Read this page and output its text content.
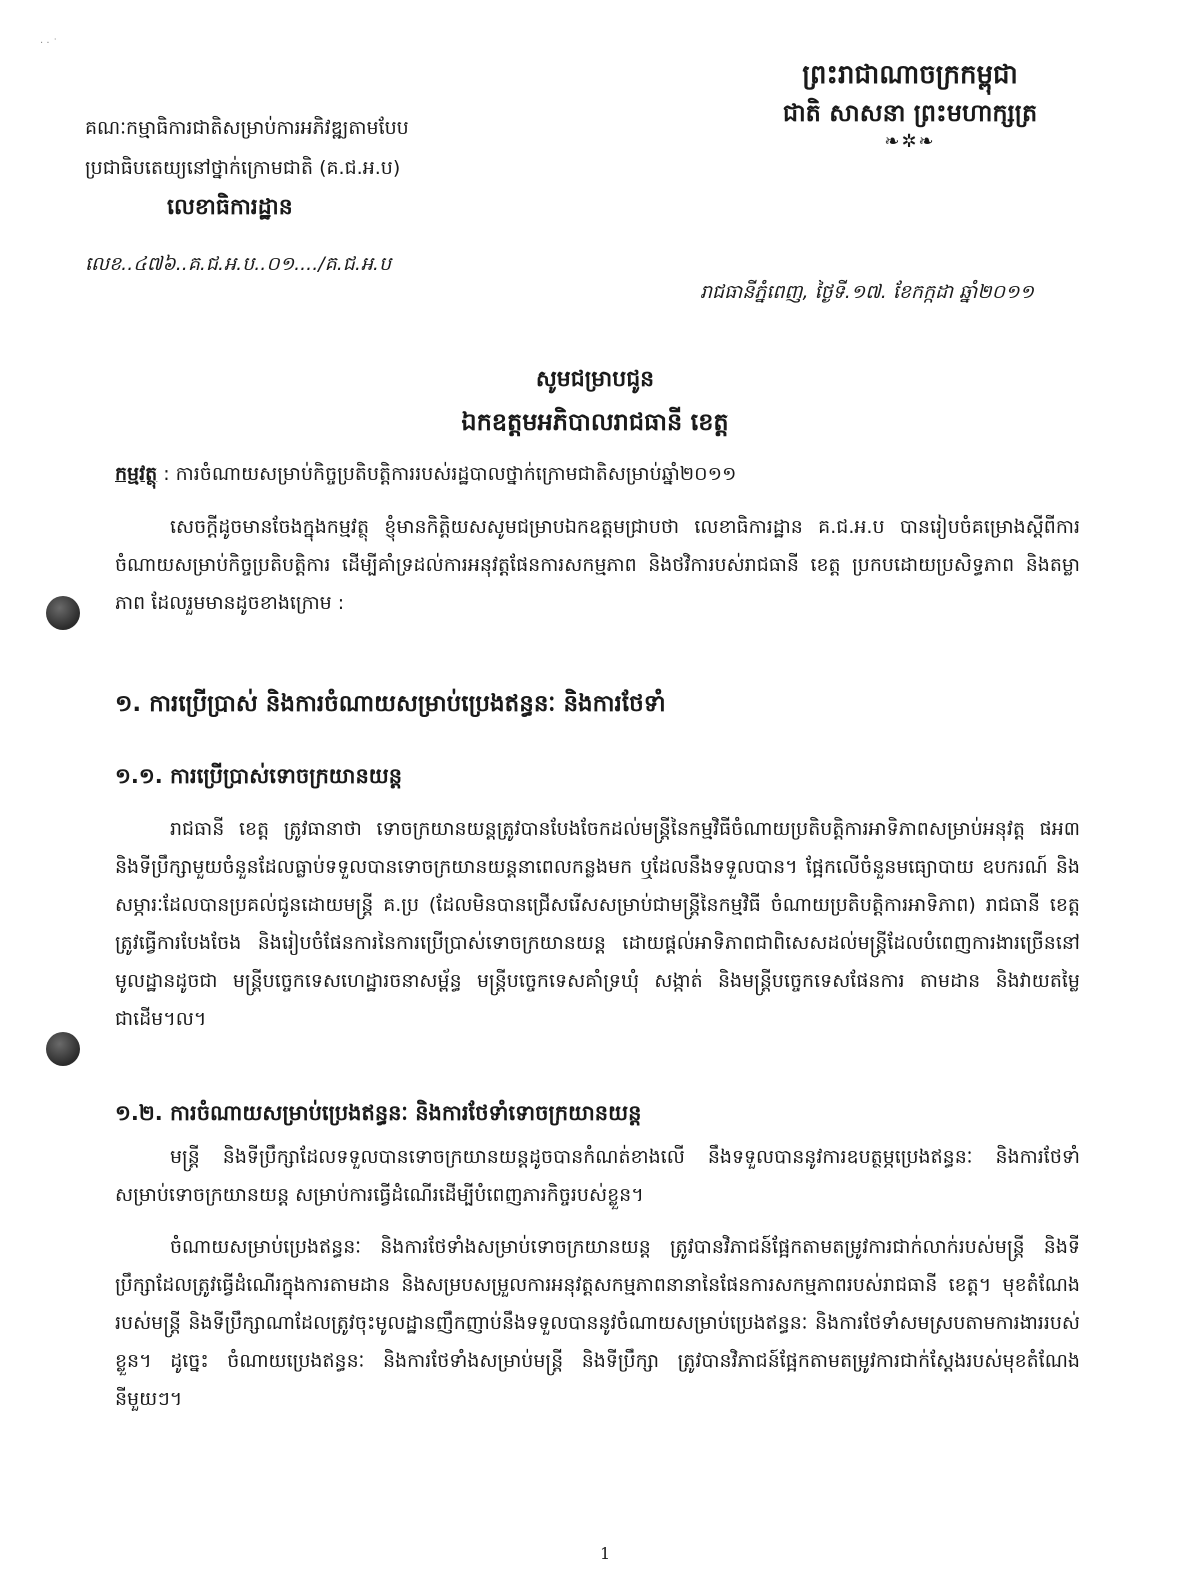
· · ˙
ព្រះរាជាណាចក្រកម្ពុជា
ជាតិ សាសនា ព្រះមហាក្សត្រ
❧✲❧
គណៈកម្មាធិការជាតិសម្រាប់ការអភិវឌ្ឍតាមបែប
ប្រជាធិបតេយ្យនៅថ្នាក់ក្រោមជាតិ (គ.ជ.អ.ប)
លេខាធិការដ្ឋាន
លេខ..៤៧៦..គ.ជ.អ.ប..០១..../គ.ជ.អ.ប
រាជធានីភ្នំពេញ, ថ្ងៃទី.១៧. ខែកក្កដា ឆ្នាំ២០១១
សូមជម្រាបជូន
ឯកឧត្តមអភិបាលរាជធានី ខេត្ត
កម្មវត្ថុ : ការចំណាយសម្រាប់កិច្ចប្រតិបត្តិការរបស់រដ្ឋបាលថ្នាក់ក្រោមជាតិសម្រាប់ឆ្នាំ២០១១
សេចក្តីដូចមានចែងក្នុងកម្មវត្ថុ ខ្ញុំមានកិត្តិយសសូមជម្រាបឯកឧត្តមជ្រាបថា លេខាធិការដ្ឋាន គ.ជ.អ.ប បានរៀបចំគម្រោងស្តីពីការចំណាយសម្រាប់កិច្ចប្រតិបត្តិការ ដើម្បីគាំទ្រដល់ការអនុវត្តផែនការសកម្មភាព និងថវិការបស់រាជធានី ខេត្ត ប្រកបដោយប្រសិទ្ធភាព និងតម្លាភាព ដែលរួមមានដូចខាងក្រោម :
១. ការប្រើប្រាស់ និងការចំណាយសម្រាប់ប្រេងឥន្ធនៈ និងការថែទាំ
១.១. ការប្រើប្រាស់ទោចក្រយានយន្ត
រាជធានី ខេត្ត ត្រូវធានាថា ទោចក្រយានយន្តត្រូវបានបែងចែកដល់មន្ត្រីនៃកម្មវិធីចំណាយប្រតិបត្តិការអាទិភាពសម្រាប់អនុវត្ត ផអ៣ និងទីប្រឹក្សាមួយចំនួនដែលធ្លាប់ទទួលបានទោចក្រយានយន្តនាពេលកន្លងមក ឬដែលនឹងទទួលបាន។ ផ្អែកលើចំនួនមធ្យោបាយ ឧបករណ៍ និងសម្ភារៈដែលបានប្រគល់ជូនដោយមន្ត្រី គ.ប្រ (ដែលមិនបានជ្រើសរើសសម្រាប់ជាមន្ត្រីនៃកម្មវិធី ចំណាយប្រតិបត្តិការអាទិភាព) រាជធានី ខេត្ត ត្រូវធ្វើការបែងចែង និងរៀបចំផែនការនៃការប្រើប្រាស់ទោចក្រយានយន្ត ដោយផ្តល់អាទិភាពជាពិសេសដល់មន្ត្រីដែលបំពេញការងារច្រើននៅមូលដ្ឋានដូចជា មន្ត្រីបច្ចេកទេសហេដ្ឋារចនាសម្ព័ន្ធ មន្ត្រីបច្ចេកទេសគាំទ្រឃុំ សង្កាត់ និងមន្ត្រីបច្ចេកទេសផែនការ តាមដាន និងវាយតម្លៃជាដើម។ល។
១.២. ការចំណាយសម្រាប់ប្រេងឥន្ធនៈ និងការថែទាំទោចក្រយានយន្ត
មន្ត្រី និងទីប្រឹក្សាដែលទទួលបានទោចក្រយានយន្តដូចបានកំណត់ខាងលើ នឹងទទួលបាននូវការឧបត្ថម្ភប្រេងឥន្ធនៈ និងការថែទាំសម្រាប់ទោចក្រយានយន្ត សម្រាប់ការធ្វើដំណើរដើម្បីបំពេញភារកិច្ចរបស់ខ្លួន។
ចំណាយសម្រាប់ប្រេងឥន្ធនៈ និងការថែទាំងសម្រាប់ទោចក្រយានយន្ត ត្រូវបានវិភាជន៍ផ្អែកតាមតម្រូវការជាក់លាក់របស់មន្ត្រី និងទីប្រឹក្សាដែលត្រូវធ្វើដំណើរក្នុងការតាមដាន និងសម្របសម្រួលការអនុវត្តសកម្មភាពនានានៃផែនការសកម្មភាពរបស់រាជធានី ខេត្ត។ មុខតំណែងរបស់មន្ត្រី និងទីប្រឹក្សាណាដែលត្រូវចុះមូលដ្ឋានញឹកញាប់នឹងទទួលបាននូវចំណាយសម្រាប់ប្រេងឥន្ធនៈ និងការថែទាំសមស្របតាមការងាររបស់ខ្លួន។ ដូច្នេះ ចំណាយប្រេងឥន្ធនៈ និងការថែទាំងសម្រាប់មន្ត្រី និងទីប្រឹក្សា ត្រូវបានវិភាជន៍ផ្អែកតាមតម្រូវការជាក់ស្តែងរបស់មុខតំណែងនីមួយៗ។
1
